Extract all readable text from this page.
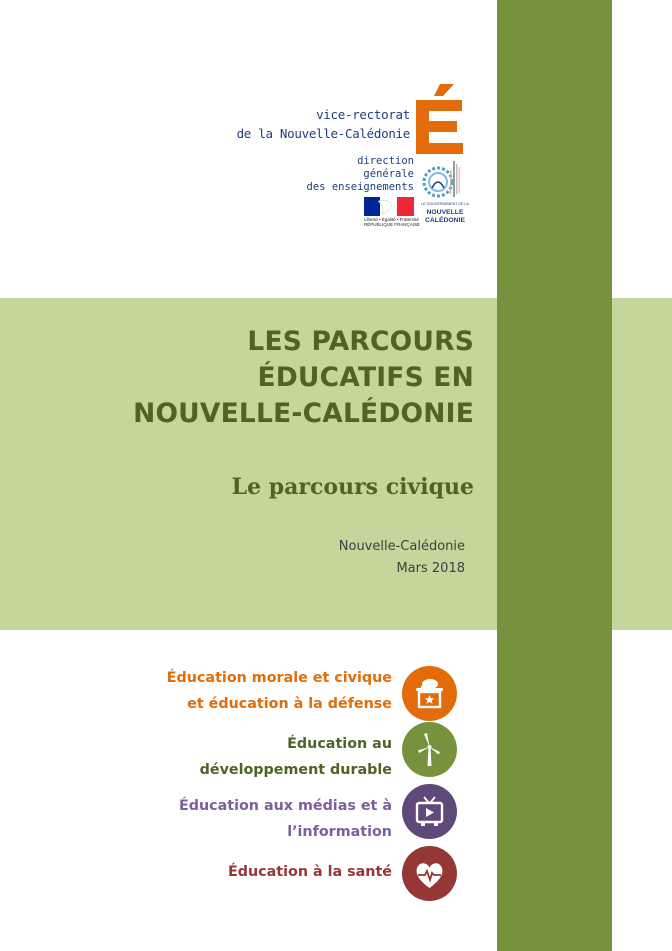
vice-rectorat
de la Nouvelle-Calédonie
direction
générale
des enseignements
Liberté • Égalité • Fraternité
RÉPUBLIQUE FRANÇAISE
LE GOUVERNEMENT DE LA
NOUVELLE
CALÉDONIE
LES PARCOURS
ÉDUCATIFS EN
NOUVELLE-CALÉDONIE
Le parcours civique
Nouvelle-Calédonie
Mars 2018
Éducation morale et civique
et éducation à la défense
Éducation au
développement durable
Éducation aux médias et à
l’information
Éducation à la santé
